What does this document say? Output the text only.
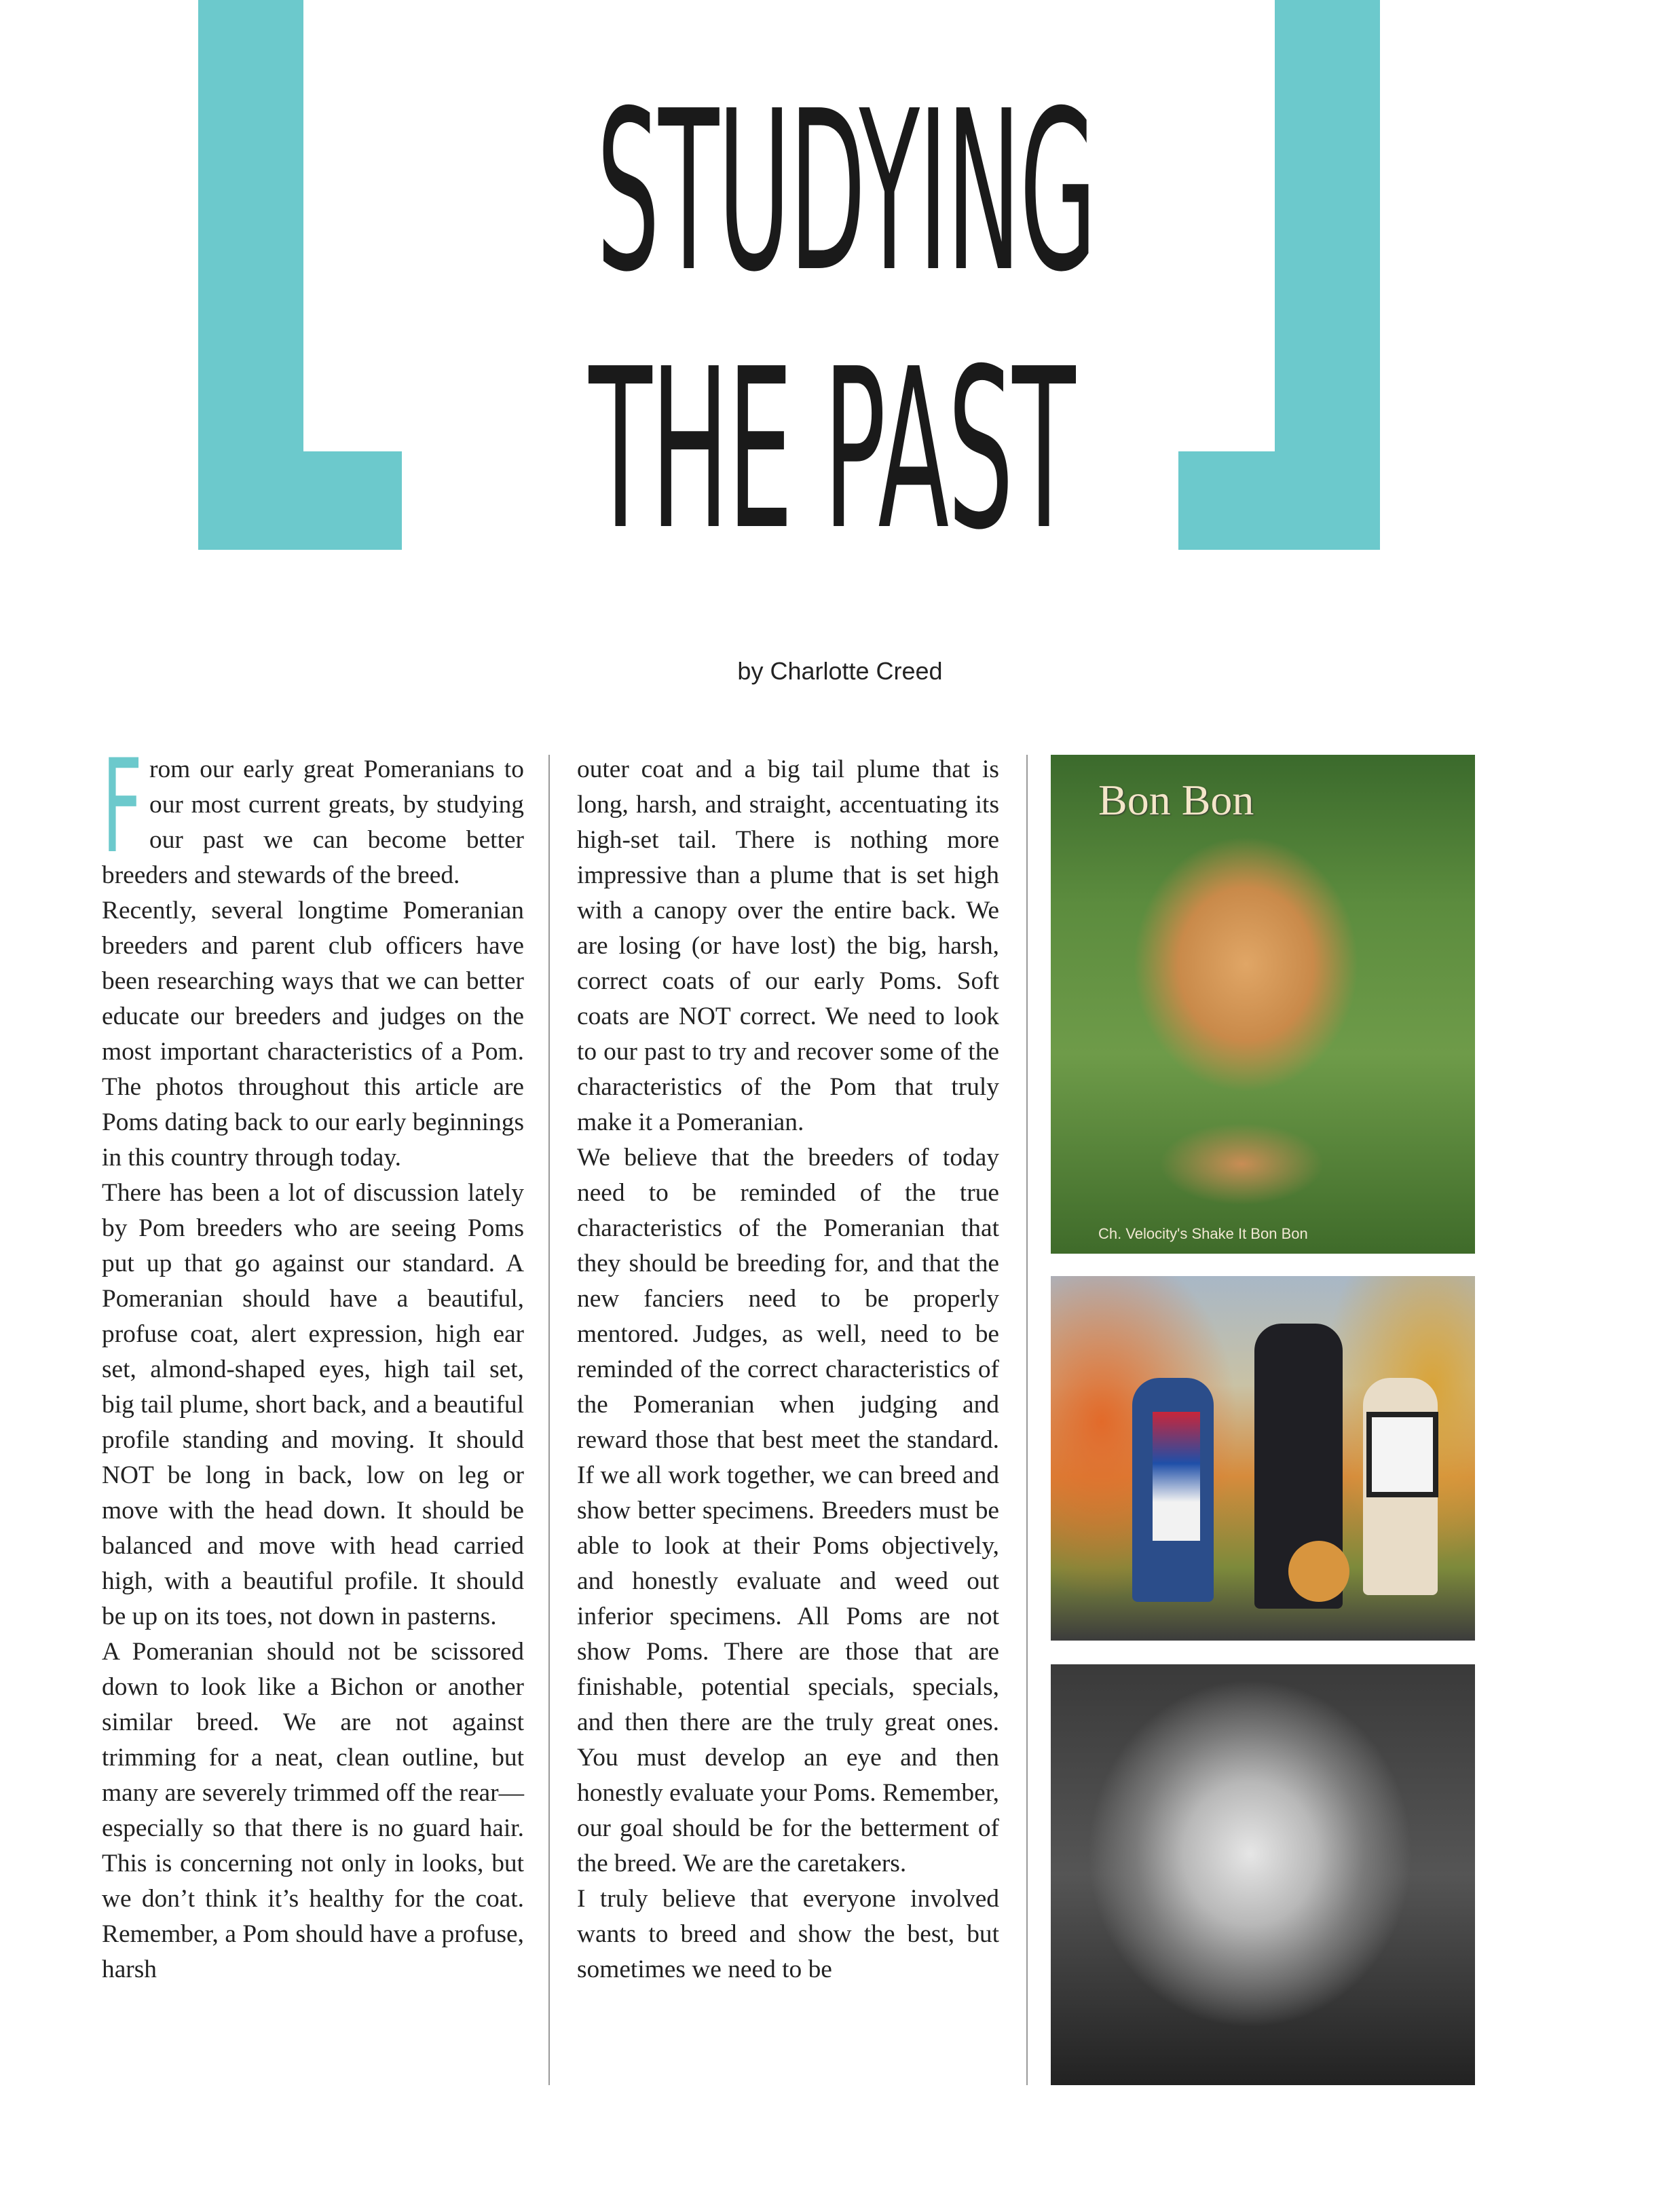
STUDYING
THE PAST
by Charlotte Creed

From our early great Pomeranians to our most current greats, by studying our past we can become better breeders and stewards of the breed.

Recently, several longtime Pomeranian breeders and parent club officers have been researching ways that we can better educate our breeders and judges on the most important characteristics of a Pom. The photos throughout this article are Poms dating back to our early beginnings in this country through today.

There has been a lot of discussion lately by Pom breeders who are seeing Poms put up that go against our standard. A Pomeranian should have a beautiful, profuse coat, alert expression, high ear set, almond-shaped eyes, high tail set, big tail plume, short back, and a beautiful profile standing and moving. It should NOT be long in back, low on leg or move with the head down. It should be balanced and move with head carried high, with a beautiful profile. It should be up on its toes, not down in pasterns.

A Pomeranian should not be scissored down to look like a Bichon or another similar breed. We are not against trimming for a neat, clean outline, but many are severely trimmed off the rear—especially so that there is no guard hair. This is concerning not only in looks, but we don’t think it’s healthy for the coat. Remember, a Pom should have a profuse, harsh

outer coat and a big tail plume that is long, harsh, and straight, accentuating its high-set tail. There is nothing more impressive than a plume that is set high with a canopy over the entire back. We are losing (or have lost) the big, harsh, correct coats of our early Poms. Soft coats are NOT correct. We need to look to our past to try and recover some of the characteristics of the Pom that truly make it a Pomeranian.

We believe that the breeders of today need to be reminded of the true characteristics of the Pomeranian that they should be breeding for, and that the new fanciers need to be properly mentored. Judges, as well, need to be reminded of the correct characteristics of the Pomeranian when judging and reward those that best meet the standard. If we all work together, we can breed and show better specimens. Breeders must be able to look at their Poms objectively, and honestly evaluate and weed out inferior specimens. All Poms are not show Poms. There are those that are finishable, potential specials, specials, and then there are the truly great ones. You must develop an eye and then honestly evaluate your Poms. Remember, our goal should be for the betterment of the breed. We are the caretakers.

I truly believe that everyone involved wants to breed and show the best, but sometimes we need to be

Bon Bon
Ch. Velocity's Shake It Bon Bon
